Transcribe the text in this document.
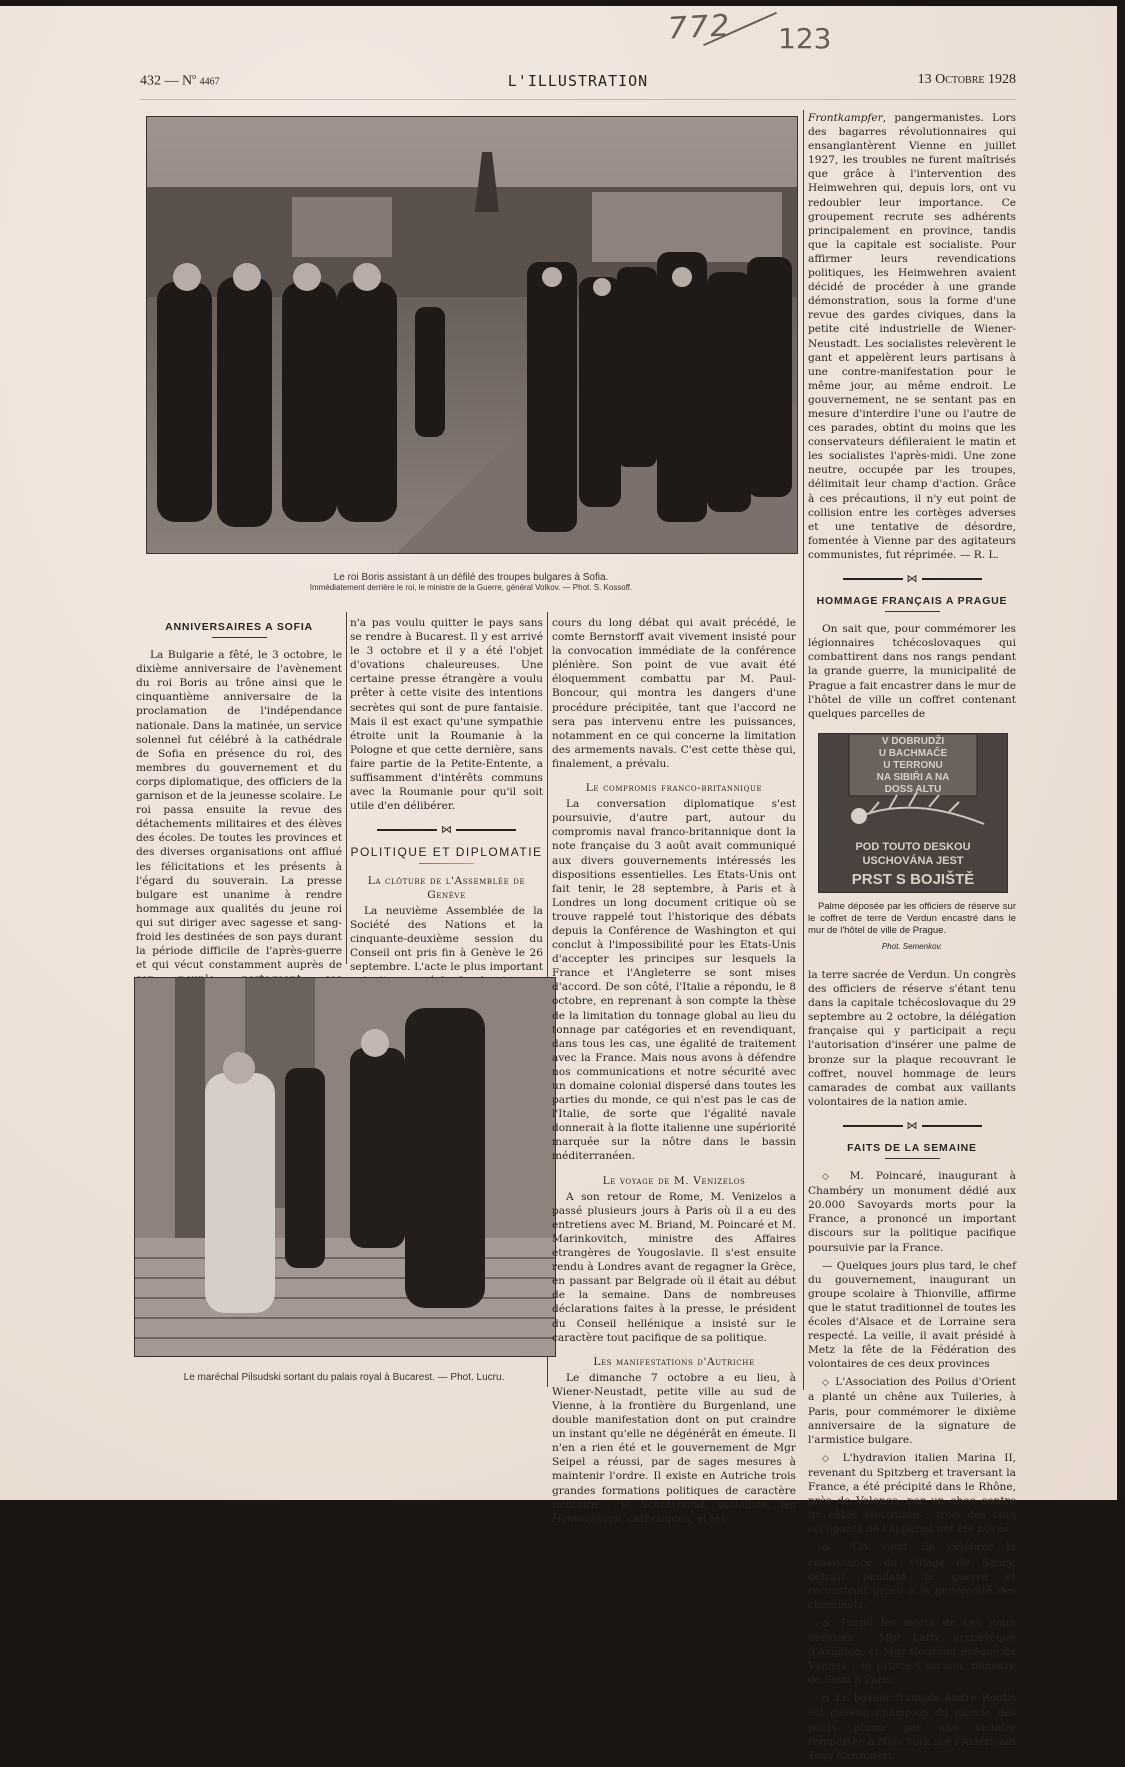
772 123
432 — $N^o$ 4467	L'ILLUSTRATION	13 Octobre 1928
Le roi Boris assistant à un défilé des troupes bulgares à Sofia.
Immédiatement derrière le roi, le ministre de la Guerre, général Volkov. — Phot. S. Kossoff.
ANNIVERSAIRES A SOFIA

La Bulgarie a fêté, le 3 octobre, le dixième anniversaire de l'avènement du roi Boris au trône ainsi que le cinquantième anniversaire de la proclamation de l'indépendance nationale. Dans la matinée, un service solennel fut célébré à la cathédrale de Sofia en présence du roi, des membres du gouvernement et du corps diplomatique, des officiers de la garnison et de la jeunesse scolaire. Le roi passa ensuite la revue des détachements militaires et des élèves des écoles. De toutes les provinces et des diverses organisations ont afflué les félicitations et les présents à l'égard du souverain. La presse bulgare est unanime à rendre hommage aux qualités du jeune roi qui sut diriger avec sagesse et sang-froid les destinées de son pays durant la période difficile de l'après-guerre et qui vécut constamment auprès de

n'a pas voulu quitter le pays sans se rendre à Bucarest. Il y est arrivé le 3 octobre et il y a été l'objet d'ovations chaleureuses. Une certaine presse étrangère a voulu prêter à cette visite des intentions secrètes qui sont de pure fantaisie. Mais il est exact qu'une sympathie étroite unit la Roumanie à la Pologne et que cette dernière, sans faire partie de la Petite-Entente, a suffisamment d'intérêts communs avec la Roumanie pour qu'il soit utile d'en délibérer.

⋈
POLITIQUE ET DIPLOMATIE
La clôture de l'Assemblée de Genève

La neuvième Assemblée de la Société des Nations et la cinquante-deuxième session du Conseil ont pris fin à Genève le 26 septembre. L'acte le plus important

Le maréchal Pilsudski sortant du palais royal à Bucarest. — Phot. Lucru.

cours du long débat qui avait précédé, le comte Bernstorff avait vivement insisté pour la convocation immédiate de la conférence plénière. Son point de vue avait été éloquemment combattu par M. Paul-Boncour, qui montra les dangers d'une procédure précipitée, tant que l'accord ne sera pas intervenu entre les puissances, notamment en ce qui concerne la limitation des armements navals. C'est cette thèse qui, finalement, a prévalu.

Le compromis franco-britannique

La conversation diplomatique s'est poursuivie, d'autre part, autour du compromis naval franco-britannique dont la note française du 3 août avait communiqué aux divers gouvernements intéressés les dispositions essentielles. Les Etats-Unis ont fait tenir, le 28 septembre, à Paris et à Londres un long document critique où se trouve rappelé tout l'historique des débats depuis la Conférence de Washington et qui conclut à l'impossibilité pour les Etats-Unis d'accepter les principes sur lesquels la France et l'Angleterre se sont mises d'accord. De son côté, l'Italie a répondu, le 8 octobre, en reprenant à son compte la thèse de la limitation du tonnage global au lieu du tonnage par catégories et en revendiquant, dans tous les cas, une égalité de traitement avec la France. Mais nous avons à défendre nos communications et notre sécurité avec un domaine colonial dispersé dans toutes les parties du monde, ce qui n'est pas le cas de l'Italie, de sorte que l'égalité navale donnerait à la flotte italienne une supériorité marquée sur la nôtre dans le bassin méditerranéen.

Le voyage de M. Venizelos

A son retour de Rome, M. Venizelos a passé plusieurs jours à Paris où il a eu des entretiens avec M. Briand, M. Poincaré et M. Marinkovitch, ministre des Affaires étrangères de Yougoslavie. Il s'est ensuite rendu à Londres avant de regagner la Grèce, en passant par Belgrade où il était au début de la semaine. Dans de nombreuses déclarations faites à la presse, le président du Conseil hellénique a insisté sur le caractère tout pacifique de sa politique.

Les manifestations d'Autriche

Le dimanche 7 octobre a eu lieu, à Wiener-Neustadt, petite ville au sud de Vienne, à la frontière du Burgenland, une double manifestation dont on put craindre un instant qu'elle ne dégénérât en émeute. Il n'en a rien été et le gouvernement de Mgr Seipel a réussi, par de sages mesures à maintenir l'ordre. Il existe en Autriche trois grandes formations politiques de caractère militaire : le Schutzbund, socialiste, les Heimwehren, catholiques, et les

Frontkampfer, pangermanistes. Lors des bagarres révolutionnaires qui ensanglantèrent Vienne en juillet 1927, les troubles ne furent maîtrisés que grâce à l'intervention des Heimwehren qui, depuis lors, ont vu redoubler leur importance. Ce groupement recrute ses adhérents principalement en province, tandis que la capitale est socialiste. Pour affirmer leurs revendications politiques, les Heimwehren avaient décidé de procéder à une grande démonstration, sous la forme d'une revue des gardes civiques, dans la petite cité industrielle de Wiener-Neustadt. Les socialistes relevèrent le gant et appelèrent leurs partisans à une contre-manifestation pour le même jour, au même endroit. Le gouvernement, ne se sentant pas en mesure d'interdire l'une ou l'autre de ces parades, obtint du moins que les conservateurs défileraient le matin et les socialistes l'après-midi. Une zone neutre, occupée par les troupes, délimitait leur champ d'action. Grâce à ces précautions, il n'y eut point de collision entre les cortèges adverses et une tentative de désordre, fomentée à Vienne par des agitateurs communistes, fut réprimée. — R. L.

⋈
HOMMAGE FRANÇAIS A PRAGUE

On sait que, pour commémorer les légionnaires tchécoslovaques qui combattirent dans nos rangs pendant la grande guerre, la municipalité de Prague a fait encastrer dans le mur de l'hôtel de ville un coffret contenant quelques parcelles de

V DOBRUDŽI
U BACHMAČE
U TERRONU
NA SIBIŘI A NA
DOSS ALTU
POD TOUTO DESKOU
USCHOVÁNA JEST
PRST S BOJIŠTĚ
Palme déposée par les officiers de réserve sur le coffret de terre de Verdun encastré dans le mur de l'hôtel de ville de Prague.
Phot. Semenkov.

la terre sacrée de Verdun. Un congrès des officiers de réserve s'étant tenu dans la capitale tchécoslovaque du 29 septembre au 2 octobre, la délégation française qui y participait a reçu l'autorisation d'insérer une palme de bronze sur la plaque recouvrant le coffret, nouvel hommage de leurs camarades de combat aux vaillants volontaires de la nation amie.

⋈
FAITS DE LA SEMAINE

◇ M. Poincaré, inaugurant à Chambéry un monument dédié aux 20.000 Savoyards morts pour la France, a prononcé un important discours sur la politique pacifique poursuivie par la France.

— Quelques jours plus tard, le chef du gouvernement, inaugurant un groupe scolaire à Thionville, affirme que le statut traditionnel de toutes les écoles d'Alsace et de Lorraine sera respecté. La veille, il avait présidé à Metz la fête de la Fédération des volontaires de ces deux provinces

◇ L'Association des Poilus d'Orient a planté un chêne aux Tuileries, à Paris, pour commémorer le dixième anniversaire de la signature de l'armistice bulgare.

◇ L'hydravion italien Marina II, revenant du Spitzberg et traversant la France, a été précipité dans le Rhône, près de Valence, par un choc contre un câble électrique : trois des cinq occupants de l'appareil ont été noyés.

◇ On vient de célébrer la renaissance du village de Sancy, détruit pendant la guerre et reconstruit grâce à la générosité des cheminots.

◇ Parmi les morts de ces jours derniers : Mgr Latty, archevêque d'Avignon, et Mgr Gouraud évêque de Vannes ; le prince Charoon, ministre de Siam à Paris.

◇ Le boxeur français André Routis est devenu champion du monde des poids plume par une victoire remportée à New York sur l'Américain Tony Canzoneri.
